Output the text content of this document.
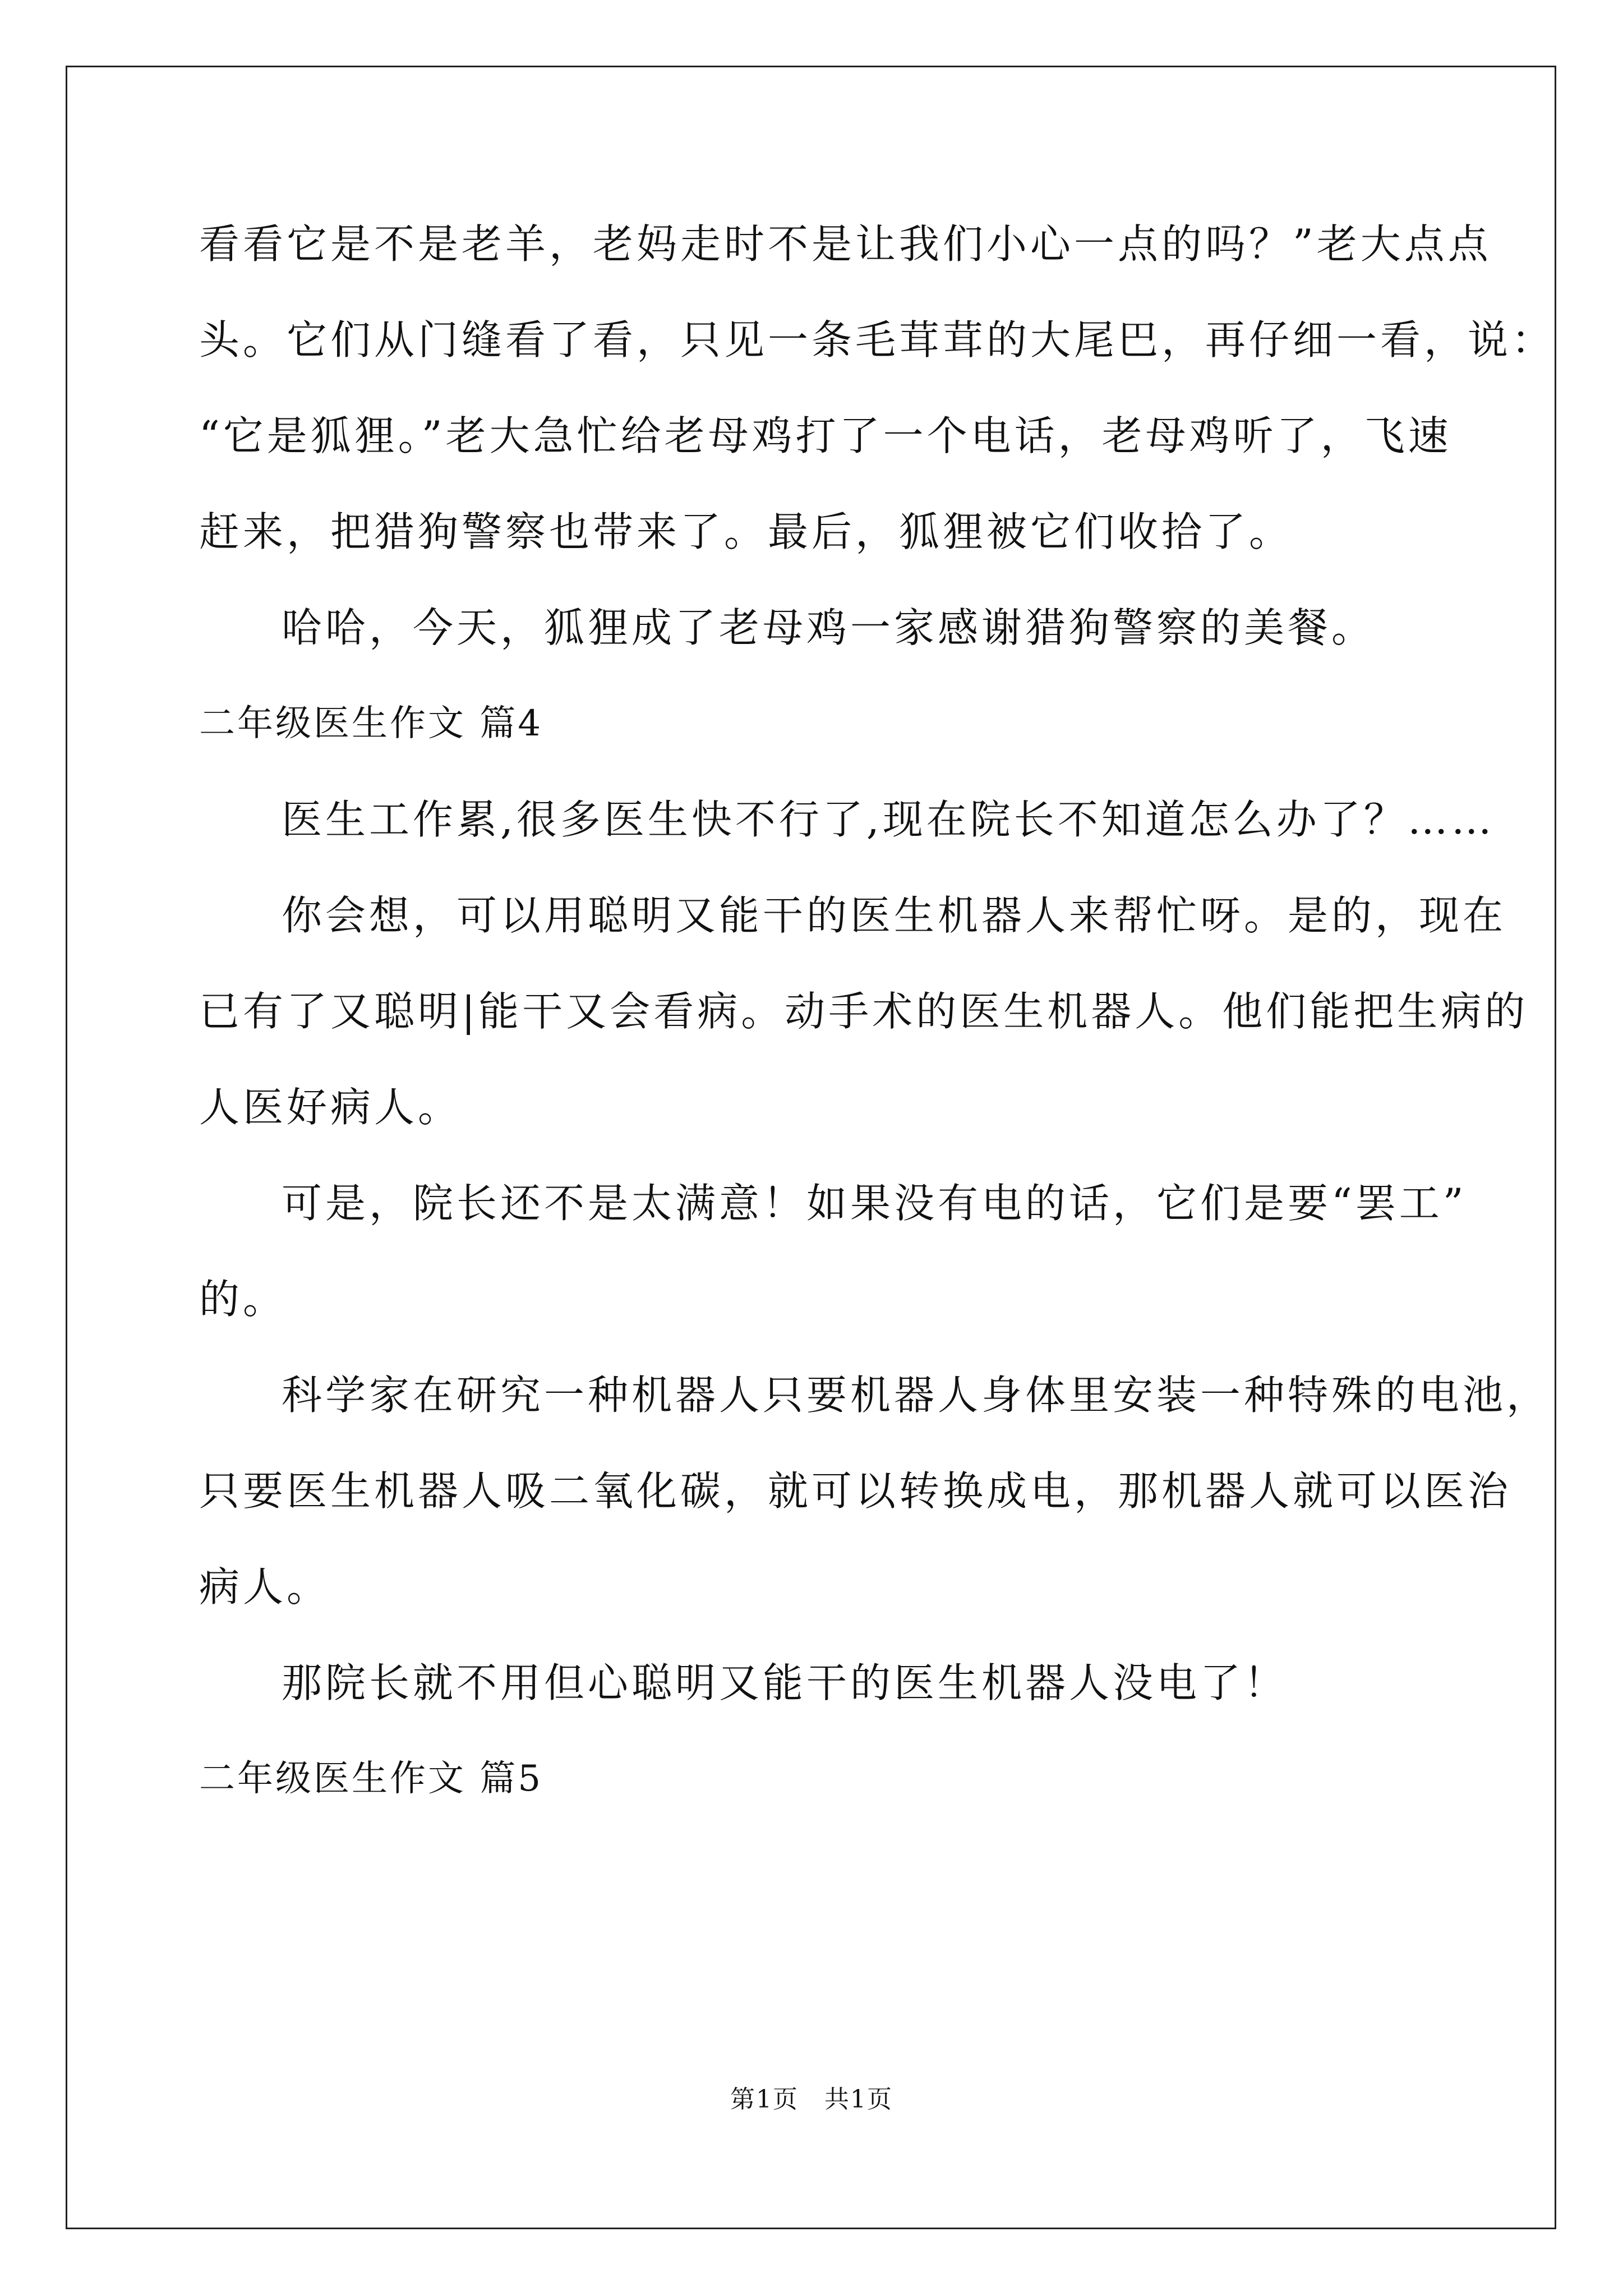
看看它是不是老羊，老妈走时不是让我们小心一点的吗？”老大点点
头。它们从门缝看了看，只见一条毛茸茸的大尾巴，再仔细一看，说：
“它是狐狸。”老大急忙给老母鸡打了一个电话，老母鸡听了，飞速
赶来，把猎狗警察也带来了。最后，狐狸被它们收拾了。
哈哈，今天，狐狸成了老母鸡一家感谢猎狗警察的美餐。
二年级医生作文 篇4
医生工作累,很多医生快不行了,现在院长不知道怎么办了？……
你会想，可以用聪明又能干的医生机器人来帮忙呀。是的，现在
已有了又聪明|能干又会看病。动手术的医生机器人。他们能把生病的
人医好病人。
可是，院长还不是太满意！如果没有电的话，它们是要“罢工”
的。
科学家在研究一种机器人只要机器人身体里安装一种特殊的电池，
只要医生机器人吸二氧化碳，就可以转换成电，那机器人就可以医治
病人。
那院长就不用但心聪明又能干的医生机器人没电了！
二年级医生作文 篇5
第1页　共1页
